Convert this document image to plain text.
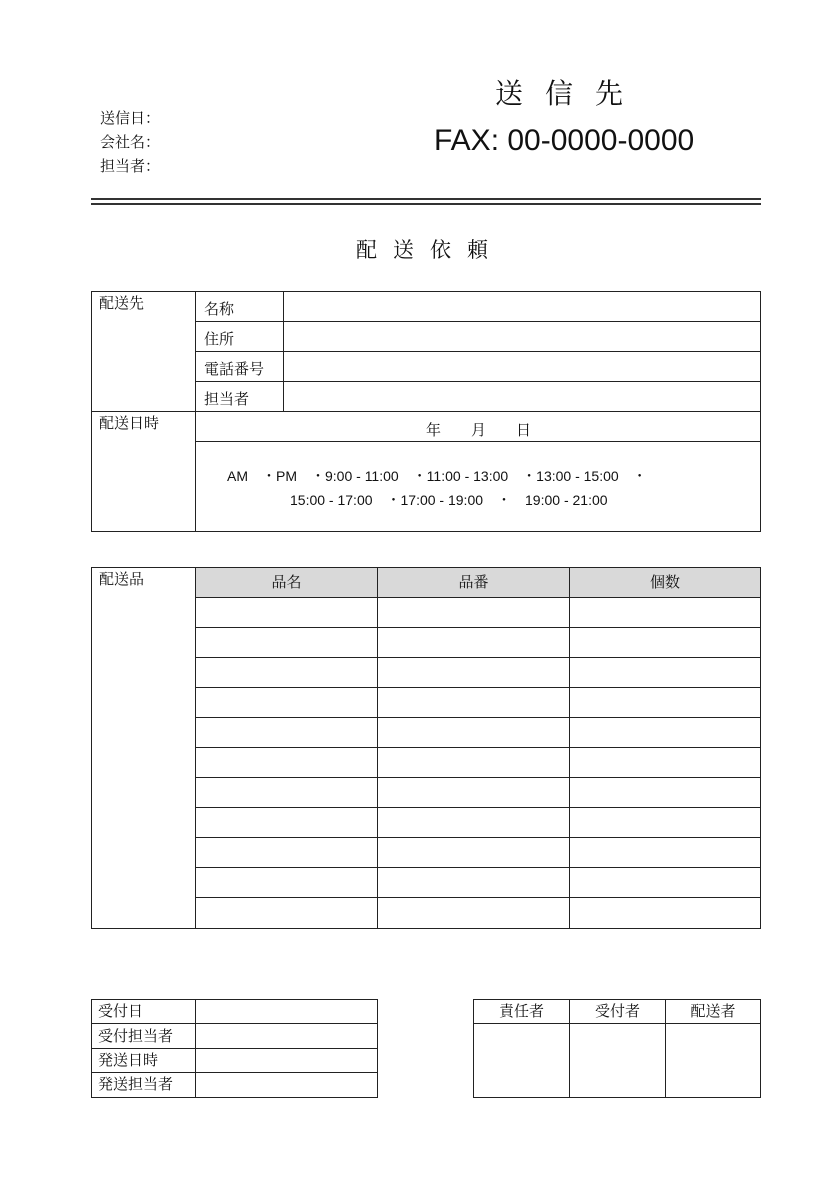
送信日：
会社名：
担当者：
送信先
FAX: 00-0000-0000
配送依頼
配送先	名称
住所
電話番号
担当者
配送日時	年　　月　　日
AM　・PM　・9:00 - 11:00　・11:00 - 13:00　・13:00 - 15:00　・
15:00 - 17:00　・17:00 - 19:00　・　19:00 - 21:00
配送品	品名	品番	個数
受付日
受付担当者
発送日時
発送担当者
責任者	受付者	配送者
